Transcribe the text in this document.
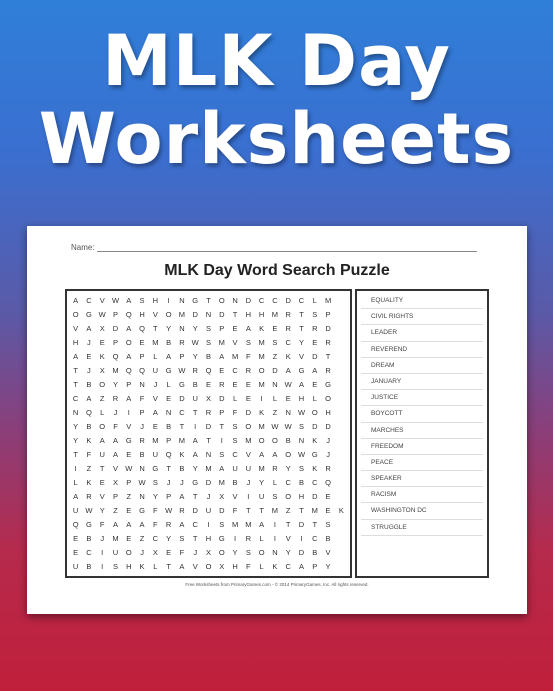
MLK Day
Worksheets
Name:
MLK Day Word Search Puzzle
A	C	V W A	S	H	I	N	G	T	O	N	D	C	C	D	C	L	M
O G W P	Q	H	V	O M D	N	D	T	H	H M R	T	S	P
V	A	X	D	A	Q	T	Y	N	Y	S	P	E	A	K	E	R	T	R	D
H	J	E	P	O	E	M	B	R W S	M	V	S	M	S	C	Y	E	R
A	E	K	Q	A	P	L	A	P	Y	B	A	M	F	M	Z	K	V	D	T
T	J	X	M Q Q	U	G W R	Q	E	C	R	O	D	A	G	A	R
T	B	O	Y	P	N	J	L	G	B	E	R	E	E	M N W A	E	G
C	A	Z	R	A	F	V	E	D	U	X	D	L	E	I	L	E	H	L	O
N	Q	L	J	I	P	A	N	C	T	R	P	F	D	K	Z	N W O	H
Y	B	O	F	V	J	E	B	T	I	D	T	S	O M W W S	D	D
Y	K	A	A	G	R M	P	M	A	T	I	S	M O O	B	N	K	J
T	F	U	A	E	B	U	Q	K	A	N	S	C	V	A	A	O W G	J
I	Z	T	V W N	G	T	B	Y	M	A	U	U M R	Y	S	K	R
L	K	E	X	P W S	J	J	G	D M	B	J	Y	L	C	B	C	Q
A	R	V	P	Z	N	Y	P	A	T	J	X	V	I	U	S	O	H	D	E
U W Y	Z	E	G	F W R	D	U	D	F	T	T	M	Z	T	M	E	K
Q G	F	A	A	A	F	R	A	C	I	S	M M	A	I	T	D	T	S
E	B	J	M	E	Z	C	Y	S	T	H	G	I	R	L	I	V	I	C	B
E	C	I	U	O	J	X	E	F	J	X	O	Y	S	O	N	Y	D	B	V
U	B	I	S	H	K	L	T	A	V	O	X	H	F	L	K	C	A	P	Y
EQUALITY
CIVIL RIGHTS
LEADER
REVEREND
DREAM
JANUARY
JUSTICE
BOYCOTT
MARCHES
FREEDOM
PEACE
SPEAKER
RACISM
WASHINGTON DC
STRUGGLE
Free Worksheets from PrimaryGames.com - © 2014 PrimaryGames, Inc. All rights reserved.
